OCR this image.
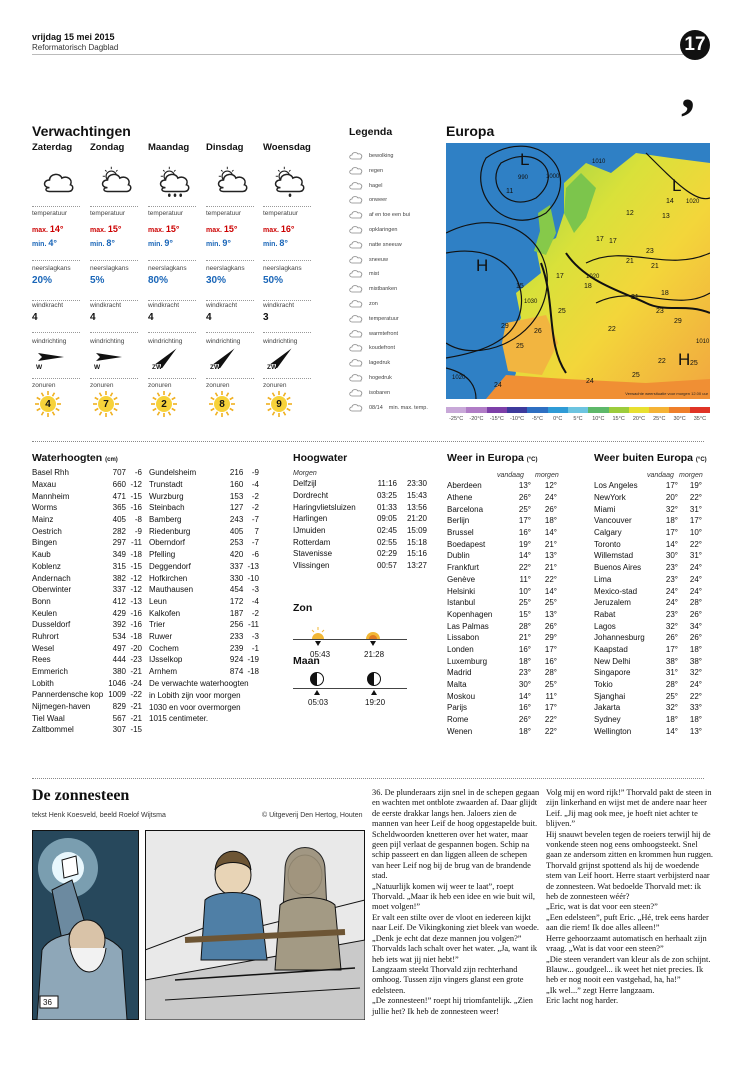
vrijdag 15 mei 2015
Reformatorisch Dagblad	17
,
Verwachtingen
Zaterdag
temperatuur
max. 14°
min. 4°
neerslagkans
20%
windkracht
4
windrichting
W
zonuren
4
Zondag
temperatuur
max. 15°
min. 8°
neerslagkans
5%
windkracht
4
windrichting
W
zonuren
7
Maandag
temperatuur
max. 15°
min. 9°
neerslagkans
80%
windkracht
4
windrichting
ZW
zonuren
2
Dinsdag
temperatuur
max. 15°
min. 9°
neerslagkans
30%
windkracht
4
windrichting
ZW
zonuren
8
Woensdag
temperatuur
max. 16°
min. 8°
neerslagkans
50%
windkracht
3
windrichting
ZW
zonuren
9
Legenda
bewolking
regen
hagel
onweer
af en toe een bui
opklaringen
natte sneeuw
sneeuw
mist
mistbanken
zon
temperatuur
warmtefront
koudefront
lagedruk
hogedruk
isobaren
08/14 min. max. temp.
Europa
990	1000
1010
1020
1030
1020
1010
1020
L
L
H
H
11
12
14
13
17 17
21
23
21
15
17
18
18
21
23
25
29
26
25
22
29
25
24
24
25
22
Verwachte weersituatie voor morgen 12.00 uur
-25°C	-20°C	-15°C	-10°C	-5°C	0°C	5°C	10°C	15°C	20°C	25°C	30°C	35°C
Waterhoogten (cm)
Basel Rhh	707	-6
Maxau	660 -12
Mannheim	471 -15
Worms	365 -16
Mainz	405	-8
Oestrich	282	-9
Bingen	297 -11
Kaub	349 -18
Koblenz	315 -15
Andernach	382 -12
Oberwinter	337 -12
Bonn	412 -13
Keulen	429 -16
Dusseldorf	392 -16
Ruhrort	534 -18
Wesel	497 -20
Rees	444 -23
Emmerich	380 -21
Lobith	1046 -24
Pannerdensche kop 1009 -22
Nijmegen-haven	829 -21
Tiel Waal	567 -21
Zaltbommel	307 -15
Gundelsheim	216	-9
Trunstadt	160	-4
Wurzburg	153	-2
Steinbach	127	-2
Bamberg	243	-7
Riedenburg	405	7
Oberndorf	253	-7
Pfelling	420	-6
Deggendorf	337 -13
Hofkirchen	330 -10
Mauthausen	454	-3
Leun	172	-4
Kalkofen	187	-2
Trier	256 -11
Ruwer	233	-3
Cochem	239	-1
IJsselkop	924 -19
Arnhem	874 -18
De verwachte waterhoogten
in Lobith zijn voor morgen
1030 en voor overmorgen
1015 centimeter.
Hoogwater
Morgen
Delfzijl	11:16	23:30
Dordrecht	03:25	15:43
Haringvlietsluizen	01:33	13:56
Harlingen	09:05	21:20
IJmuiden	02:45	15:09
Rotterdam	02:55	15:18
Stavenisse	02:29	15:16
Vlissingen	00:57	13:27
Zon
05:43	21:28
Maan
05:03	19:20
Weer in Europa (°C)
vandaag morgen
Aberdeen	13°	12°
Athene	26°	24°
Barcelona	25°	26°
Berlijn	17°	18°
Brussel	16°	14°
Boedapest	19°	21°
Dublin	14°	13°
Frankfurt	22°	21°
Genève	11°	22°
Helsinki	10°	14°
Istanbul	25°	25°
Kopenhagen	15°	13°
Las Palmas	28°	26°
Lissabon	21°	29°
Londen	16°	17°
Luxemburg	18°	16°
Madrid	23°	28°
Malta	30°	25°
Moskou	14°	11°
Parijs	16°	17°
Rome	26°	22°
Wenen	18°	22°
Weer buiten Europa (°C)
vandaag morgen
Los Angeles	17°	19°
NewYork	20°	22°
Miami	32°	31°
Vancouver	18°	17°
Calgary	17°	10°
Toronto	14°	22°
Willemstad	30°	31°
Buenos Aires	23°	24°
Lima	23°	24°
Mexico-stad	24°	24°
Jeruzalem	24°	28°
Rabat	23°	26°
Lagos	32°	34°
Johannesburg	26°	26°
Kaapstad	17°	18°
New Delhi	38°	38°
Singapore	31°	32°
Tokio	28°	24°
Sjanghai	25°	22°
Jakarta	32°	33°
Sydney	18°	18°
Wellington	14°	13°
De zonnesteen
tekst Henk Koesveld, beeld Roelof Wijtsma	© Uitgeverij Den Hertog, Houten
36

36. De plunderaars zijn snel in de schepen gegaan en wachten met ontblote zwaarden af. Daar glijdt de eerste drakkar langs hen. Jaloers zien de mannen van heer Leif de hoog opgestapelde buit. Scheldwoorden knetteren over het water, maar geen pijl verlaat de gespannen bogen. Schip na schip passeert en dan liggen alleen de schepen van heer Leif nog bij de brug van de brandende stad.

„Natuurlijk komen wij weer te laat”, roept Thorvald. „Maar ik heb een idee en wie buit wil, moet volgen!”

Er valt een stilte over de vloot en iedereen kijkt naar Leif. De Vikingkoning ziet bleek van woede. „Denk je echt dat deze mannen jou volgen?”

Thorvalds lach schalt over het water. „Ja, want ik heb iets wat jij niet hebt!”

Langzaam steekt Thorvald zijn rechterhand omhoog. Tussen zijn vingers glanst een grote edelsteen.

„De zonnesteen!” roept hij triomfantelijk. „Zien jullie het? Ik heb de zonnesteen weer!

Volg mij en word rijk!” Thorvald pakt de steen in zijn linkerhand en wijst met de andere naar heer Leif. „Jij mag ook mee, je hoeft niet achter te blijven.”

Hij snauwt bevelen tegen de roeiers terwijl hij de vonkende steen nog eens omhoogsteekt. Snel gaan ze andersom zitten en krommen hun ruggen. Thorvald grijnst spottend als hij de woedende stem van Leif hoort. Herre staart verbijsterd naar de zonnesteen. Wat bedoelde Thorvald met: ik heb de zonnesteen wéér?

„Eric, wat is dat voor een steen?”

„Een edelsteen”, puft Eric. „Hé, trek eens harder aan die riem! Ik doe alles alleen!”

Herre gehoorzaamt automatisch en herhaalt zijn vraag. „Wat is dat voor een steen?”

„Die steen verandert van kleur als de zon schijnt. Blauw... goudgeel... ik weet het niet precies. Ik heb er nog nooit een vastgehad, ha, ha!”

„Ik wel...” zegt Herre langzaam.

Eric lacht nog harder.
